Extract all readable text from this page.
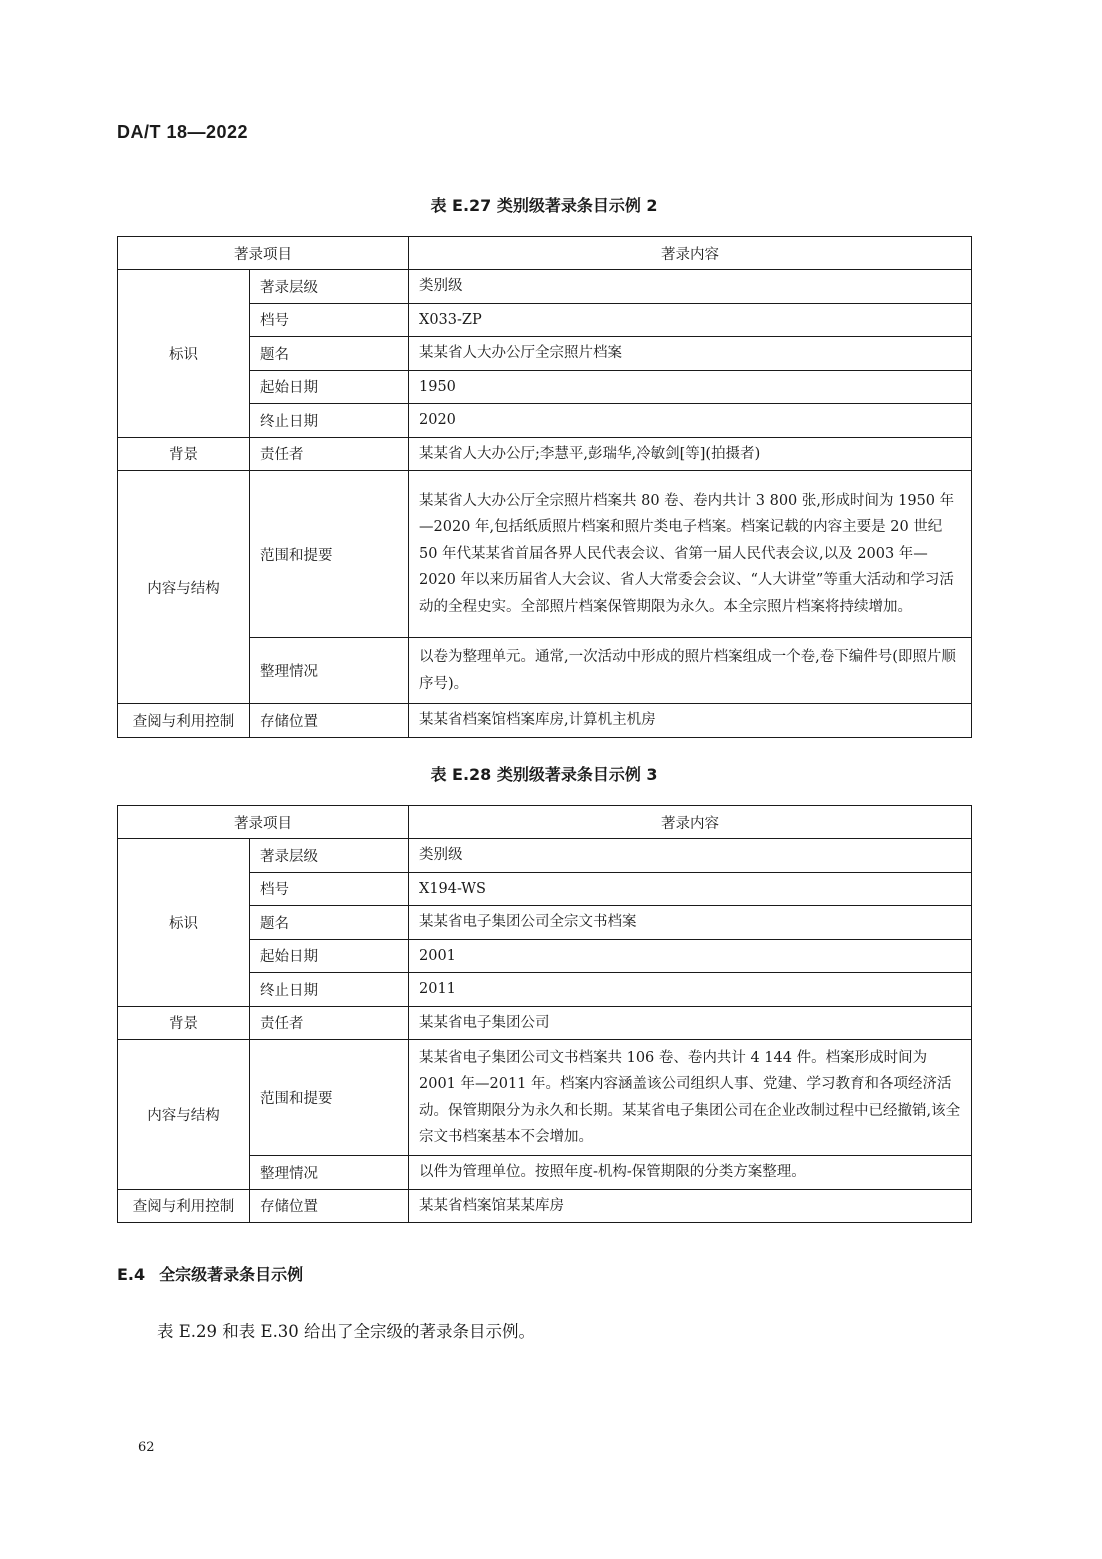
DA/T 18—2022
表 E.27 类别级著录条目示例 2
著录项目		著录内容
标识	著录层级	类别级
	档号	X033-ZP
	题名	某某省人大办公厅全宗照片档案
	起始日期	1950
	终止日期	2020
背景	责任者	某某省人大办公厅;李慧平,彭瑞华,冷敏剑[等](拍摄者)
内容与结构	范围和提要	某某省人大办公厅全宗照片档案共 80 卷、卷内共计 3 800 张,形成时间为 1950 年—2020 年,包括纸质照片档案和照片类电子档案。档案记载的内容主要是 20 世纪 50 年代某某省首届各界人民代表会议、省第一届人民代表会议,以及 2003 年—2020 年以来历届省人大会议、省人大常委会会议、“人大讲堂”等重大活动和学习活动的全程史实。全部照片档案保管期限为永久。本全宗照片档案将持续增加。
	整理情况	以卷为整理单元。通常,一次活动中形成的照片档案组成一个卷,卷下编件号(即照片顺序号)。
查阅与利用控制	存储位置	某某省档案馆档案库房,计算机主机房
表 E.28 类别级著录条目示例 3
著录项目		著录内容
标识	著录层级	类别级
	档号	X194-WS
	题名	某某省电子集团公司全宗文书档案
	起始日期	2001
	终止日期	2011
背景	责任者	某某省电子集团公司
内容与结构	范围和提要	某某省电子集团公司文书档案共 106 卷、卷内共计 4 144 件。档案形成时间为 2001 年—2011 年。档案内容涵盖该公司组织人事、党建、学习教育和各项经济活动。保管期限分为永久和长期。某某省电子集团公司在企业改制过程中已经撤销,该全宗文书档案基本不会增加。
	整理情况	以件为管理单位。按照年度-机构-保管期限的分类方案整理。
查阅与利用控制	存储位置	某某省档案馆某某库房
E.4 全宗级著录条目示例
表 E.29 和表 E.30 给出了全宗级的著录条目示例。
62
